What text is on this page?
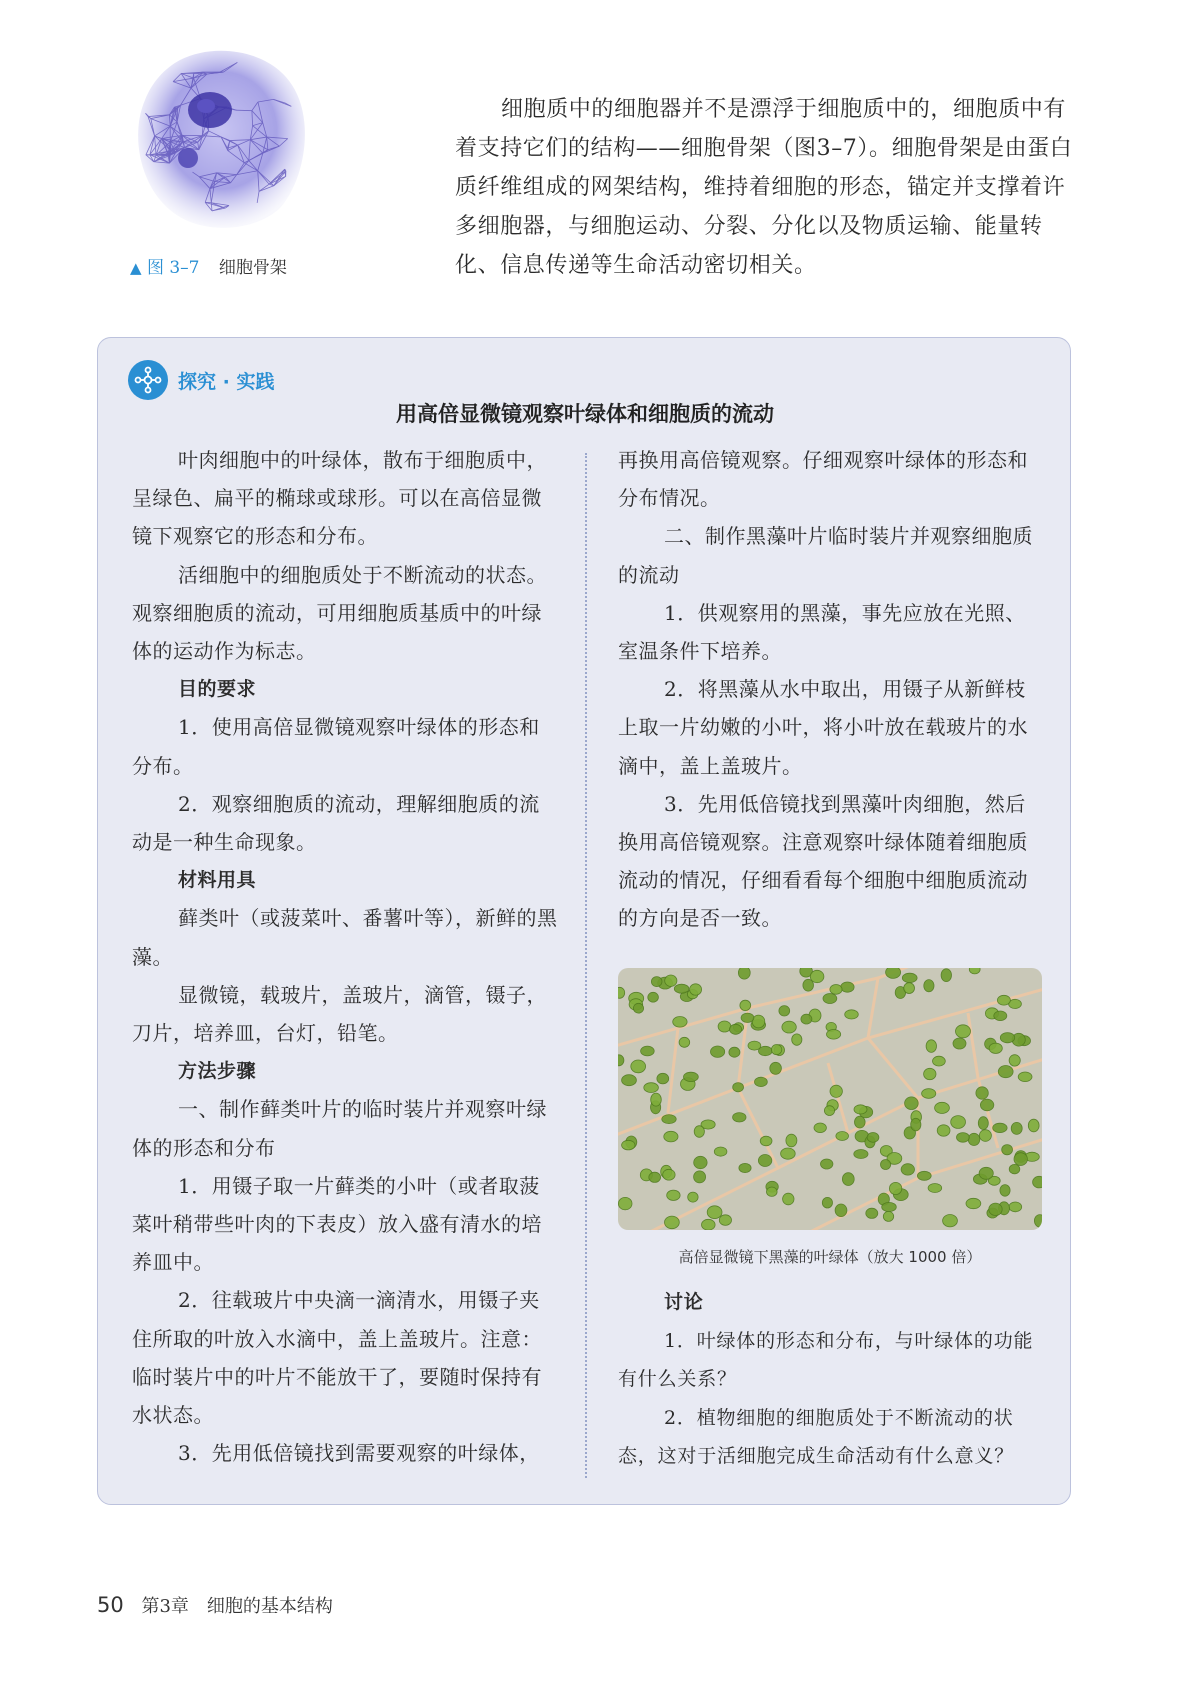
▲ 图 3–7 细胞骨架

细胞质中的细胞器并不是漂浮于细胞质中的，细胞质中有着支持它们的结构——细胞骨架（图3–7）。细胞骨架是由蛋白质纤维组成的网架结构，维持着细胞的形态，锚定并支撑着许多细胞器，与细胞运动、分裂、分化以及物质运输、能量转化、信息传递等生命活动密切相关。

探究 · 实践
用高倍显微镜观察叶绿体和细胞质的流动

叶肉细胞中的叶绿体，散布于细胞质中，呈绿色、扁平的椭球或球形。可以在高倍显微镜下观察它的形态和分布。

活细胞中的细胞质处于不断流动的状态。观察细胞质的流动，可用细胞质基质中的叶绿体的运动作为标志。

目的要求

1．使用高倍显微镜观察叶绿体的形态和分布。

2．观察细胞质的流动，理解细胞质的流动是一种生命现象。

材料用具

藓类叶（或菠菜叶、番薯叶等），新鲜的黑藻。

显微镜，载玻片，盖玻片，滴管，镊子，刀片，培养皿，台灯，铅笔。

方法步骤

一、制作藓类叶片的临时装片并观察叶绿体的形态和分布

1．用镊子取一片藓类的小叶（或者取菠菜叶稍带些叶肉的下表皮）放入盛有清水的培养皿中。

2．往载玻片中央滴一滴清水，用镊子夹住所取的叶放入水滴中，盖上盖玻片。注意：临时装片中的叶片不能放干了，要随时保持有水状态。

3．先用低倍镜找到需要观察的叶绿体，

再换用高倍镜观察。仔细观察叶绿体的形态和分布情况。

二、制作黑藻叶片临时装片并观察细胞质的流动

1．供观察用的黑藻，事先应放在光照、室温条件下培养。

2．将黑藻从水中取出，用镊子从新鲜枝上取一片幼嫩的小叶，将小叶放在载玻片的水滴中，盖上盖玻片。

3．先用低倍镜找到黑藻叶肉细胞，然后换用高倍镜观察。注意观察叶绿体随着细胞质流动的情况，仔细看看每个细胞中细胞质流动的方向是否一致。

高倍显微镜下黑藻的叶绿体（放大 1000 倍）

讨论

1．叶绿体的形态和分布，与叶绿体的功能有什么关系？

2．植物细胞的细胞质处于不断流动的状态，这对于活细胞完成生命活动有什么意义？

50 第3章　细胞的基本结构
